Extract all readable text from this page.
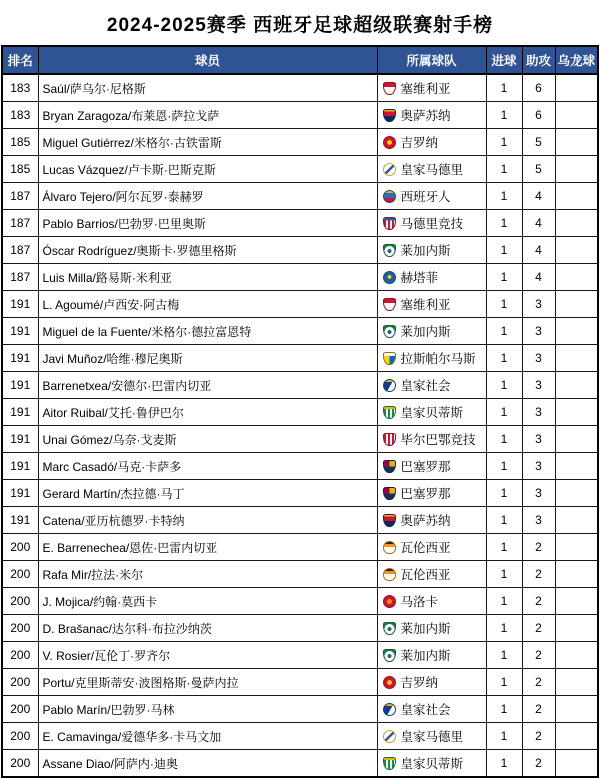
2024-2025赛季 西班牙足球超级联赛射手榜
排名	球员	所属球队	进球	助攻	乌龙球
183	Saúl/萨乌尔·尼格斯	塞维利亚	1	6	
183	Bryan Zaragoza/布莱恩·萨拉戈萨	奥萨苏纳	1	6	
185	Miguel Gutiérrez/米格尔·古铁雷斯	吉罗纳	1	5	
185	Lucas Vázquez/卢卡斯·巴斯克斯	皇家马德里	1	5	
187	Álvaro Tejero/阿尔瓦罗·泰赫罗	西班牙人	1	4	
187	Pablo Barrios/巴勃罗·巴里奥斯	马德里竞技	1	4	
187	Óscar Rodríguez/奥斯卡·罗德里格斯	莱加内斯	1	4	
187	Luis Milla/路易斯·米利亚	赫塔菲	1	4	
191	L. Agoumé/卢西安·阿古梅	塞维利亚	1	3	
191	Miguel de la Fuente/米格尔·德拉富恩特	莱加内斯	1	3	
191	Javi Muñoz/哈维·穆尼奥斯	拉斯帕尔马斯	1	3	
191	Barrenetxea/安德尔·巴雷内切亚	皇家社会	1	3	
191	Aitor Ruibal/艾托·鲁伊巴尔	皇家贝蒂斯	1	3	
191	Unai Gómez/乌奈·戈麦斯	毕尔巴鄂竞技	1	3	
191	Marc Casadó/马克·卡萨多	巴塞罗那	1	3	
191	Gerard Martín/杰拉德·马丁	巴塞罗那	1	3	
191	Catena/亚历杭德罗·卡特纳	奥萨苏纳	1	3	
200	E. Barrenechea/恩佐·巴雷内切亚	瓦伦西亚	1	2	
200	Rafa Mir/拉法·米尔	瓦伦西亚	1	2	
200	J. Mojica/约翰·莫西卡	马洛卡	1	2	
200	D. Brašanac/达尔科·布拉沙纳茨	莱加内斯	1	2	
200	V. Rosier/瓦伦丁·罗齐尔	莱加内斯	1	2	
200	Portu/克里斯蒂安·波图格斯·曼萨内拉	吉罗纳	1	2	
200	Pablo Marín/巴勃罗·马林	皇家社会	1	2	
200	E. Camavinga/爱德华多·卡马文加	皇家马德里	1	2	
200	Assane Diao/阿萨内·迪奥	皇家贝蒂斯	1	2	
